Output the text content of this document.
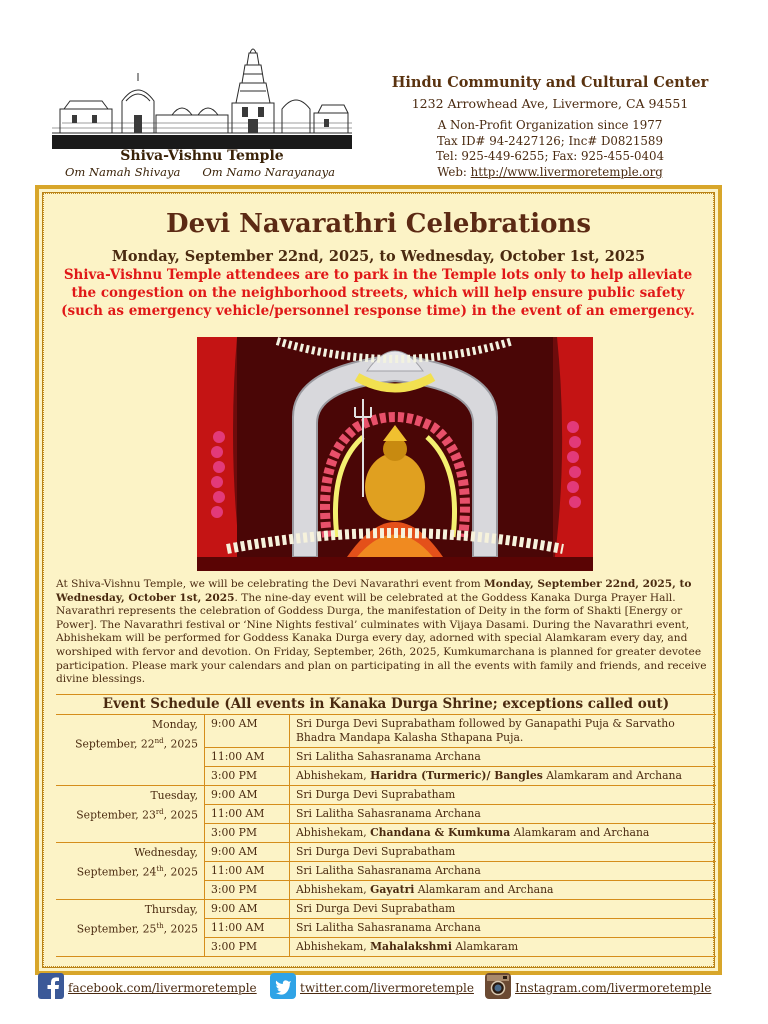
Shiva-Vishnu Temple
Om Namah Shivaya Om Namo Narayanaya
Hindu Community and Cultural Center
1232 Arrowhead Ave, Livermore, CA 94551
A Non-Profit Organization since 1977
Tax ID# 94-2427126; Inc# D0821589
Tel: 925-449-6255; Fax: 925-455-0404
Web: http://www.livermoretemple.org
Devi Navarathri Celebrations
Monday, September 22nd, 2025, to Wednesday, October 1st, 2025
Shiva-Vishnu Temple attendees are to park in the Temple lots only to help alleviate the congestion on the neighborhood streets, which will help ensure public safety (such as emergency vehicle/personnel response time) in the event of an emergency.
At Shiva-Vishnu Temple, we will be celebrating the Devi Navarathri event from Monday, September 22nd, 2025, to Wednesday, October 1st, 2025. The nine-day event will be celebrated at the Goddess Kanaka Durga Prayer Hall. Navarathri represents the celebration of Goddess Durga, the manifestation of Deity in the form of Shakti [Energy or Power]. The Navarathri festival or ‘Nine Nights festival’ culminates with Vijaya Dasami. During the Navarathri event, Abhishekam will be performed for Goddess Kanaka Durga every day, adorned with special Alamkaram every day, and worshiped with fervor and devotion. On Friday, September, 26th, 2025, Kumkumarchana is planned for greater devotee participation. Please mark your calendars and plan on participating in all the events with family and friends, and receive divine blessings.
Event Schedule (All events in Kanaka Durga Shrine; exceptions called out)
Monday,
September, 22nd, 2025	9:00 AM	Sri Durga Devi Suprabatham followed by Ganapathi Puja & Sarvatho Bhadra Mandapa Kalasha Sthapana Puja.
	11:00 AM	Sri Lalitha Sahasranama Archana
	3:00 PM	Abhishekam, Haridra (Turmeric)/ Bangles Alamkaram and Archana

Tuesday,
September, 23rd, 2025	9:00 AM	Sri Durga Devi Suprabatham
	11:00 AM	Sri Lalitha Sahasranama Archana
	3:00 PM	Abhishekam, Chandana & Kumkuma Alamkaram and Archana

Wednesday,
September, 24th, 2025	9:00 AM	Sri Durga Devi Suprabatham
	11:00 AM	Sri Lalitha Sahasranama Archana
	3:00 PM	Abhishekam, Gayatri Alamkaram and Archana

Thursday,
September, 25th, 2025	9:00 AM	Sri Durga Devi Suprabatham
	11:00 AM	Sri Lalitha Sahasranama Archana
	3:00 PM	Abhishekam, Mahalakshmi Alamkaram
facebook.com/livermoretemple	twitter.com/livermoretemple	Instagram.com/livermoretemple
